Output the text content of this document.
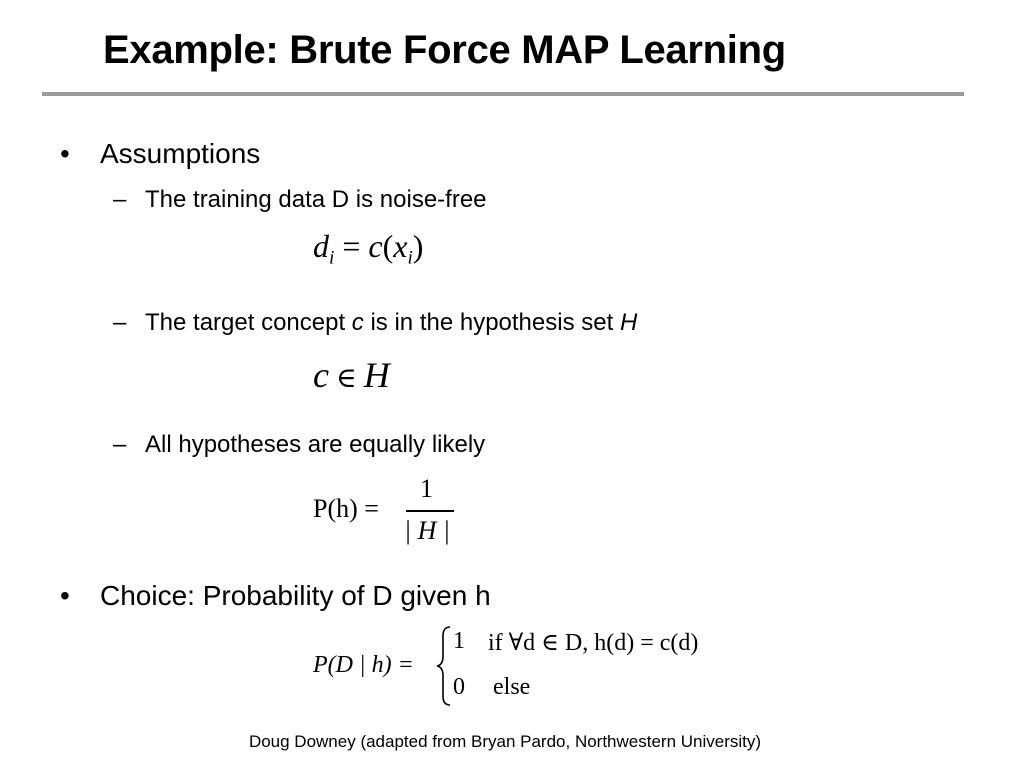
Example: Brute Force MAP Learning
• Assumptions
– The training data D is noise-free
$d_i = c(x_i)$
– The target concept c is in the hypothesis set H
c ∈ H
– All hypotheses are equally likely
P(h) =
1
| H |
• Choice: Probability of D given h
P(D | h) =
1 if ∀d ∈ D, h(d) = c(d)
0 else
Doug Downey (adapted from Bryan Pardo, Northwestern University)
